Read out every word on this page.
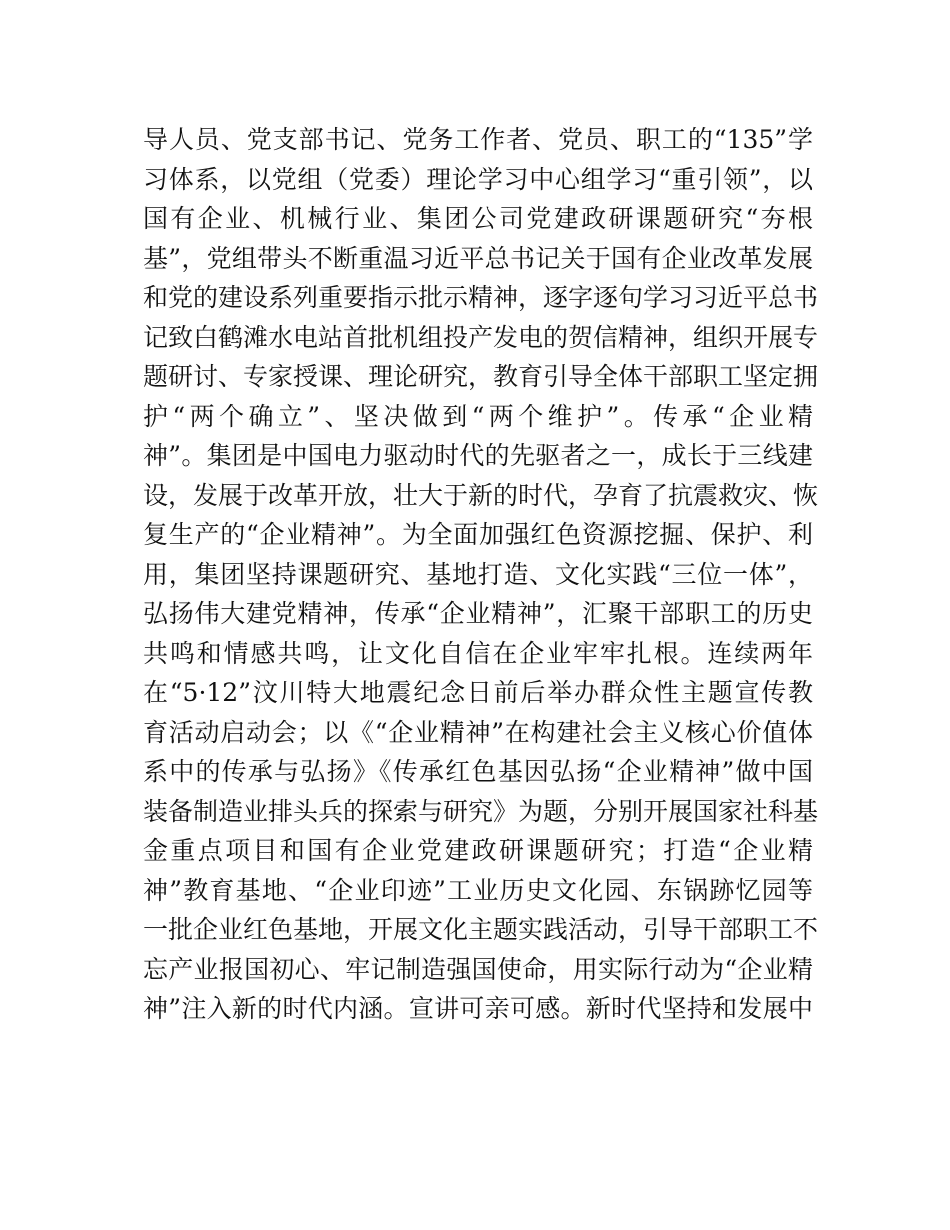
导人员、党支部书记、党务工作者、党员、职工的“135”学
习体系，以党组（党委）理论学习中心组学习“重引领”，以
国有企业、机械行业、集团公司党建政研课题研究“夯根
基”，党组带头不断重温习近平总书记关于国有企业改革发展
和党的建设系列重要指示批示精神，逐字逐句学习习近平总书
记致白鹤滩水电站首批机组投产发电的贺信精神，组织开展专
题研讨、专家授课、理论研究，教育引导全体干部职工坚定拥
护“两个确立”、坚决做到“两个维护”。传承“企业精
神”。集团是中国电力驱动时代的先驱者之一，成长于三线建
设，发展于改革开放，壮大于新的时代，孕育了抗震救灾、恢
复生产的“企业精神”。为全面加强红色资源挖掘、保护、利
用，集团坚持课题研究、基地打造、文化实践“三位一体”，
弘扬伟大建党精神，传承“企业精神”，汇聚干部职工的历史
共鸣和情感共鸣，让文化自信在企业牢牢扎根。连续两年
在“5·12”汶川特大地震纪念日前后举办群众性主题宣传教
育活动启动会；以《“企业精神”在构建社会主义核心价值体
系中的传承与弘扬》《传承红色基因弘扬“企业精神”做中国
装备制造业排头兵的探索与研究》为题，分别开展国家社科基
金重点项目和国有企业党建政研课题研究；打造“企业精
神”教育基地、“企业印迹”工业历史文化园、东锅跡忆园等
一批企业红色基地，开展文化主题实践活动，引导干部职工不
忘产业报国初心、牢记制造强国使命，用实际行动为“企业精
神”注入新的时代内涵。宣讲可亲可感。新时代坚持和发展中
